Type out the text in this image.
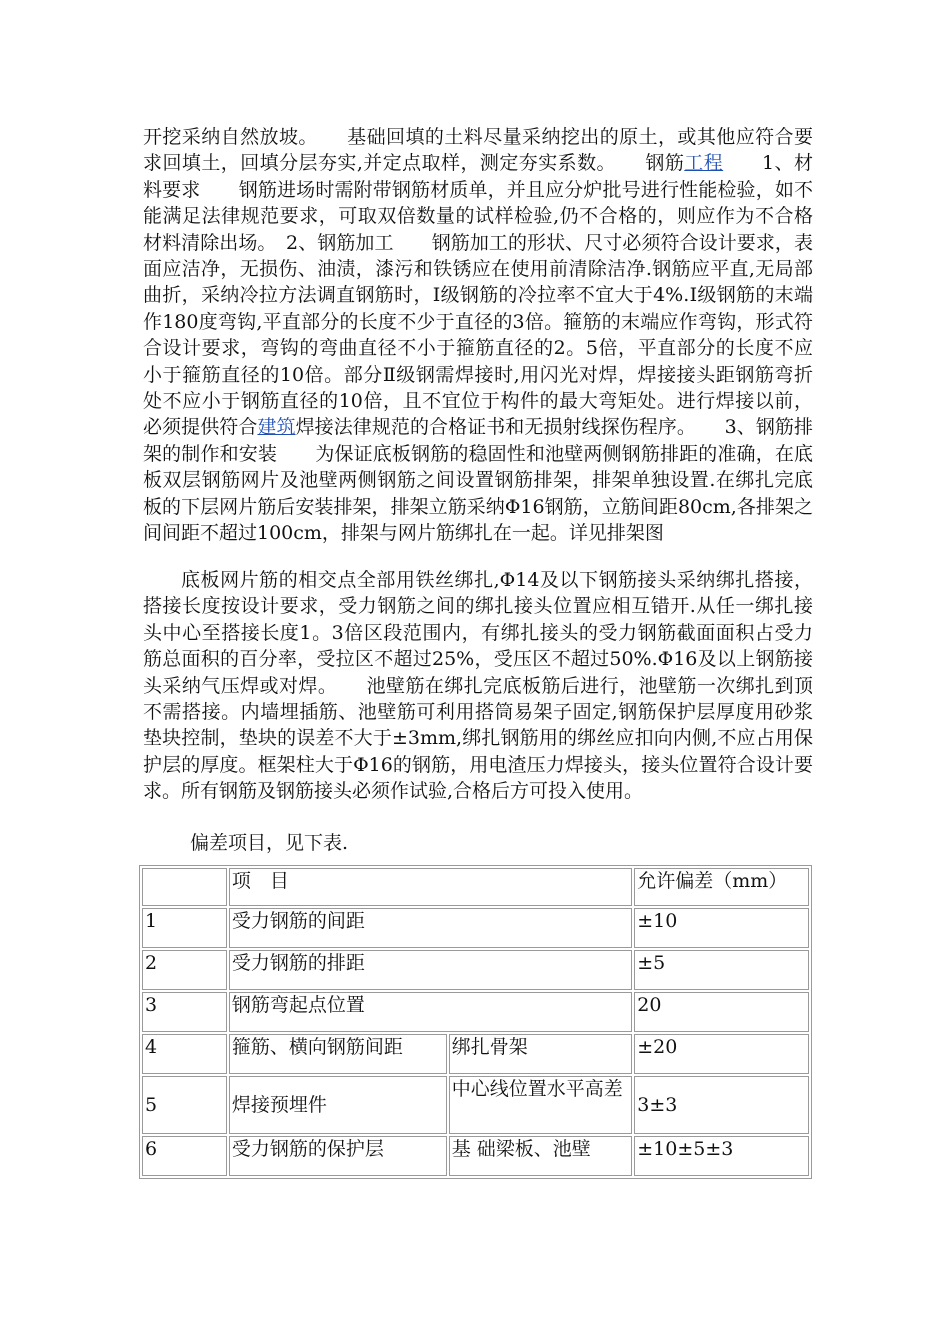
开挖采纳自然放坡。　　基础回填的土料尽量采纳挖出的原土，或其他应符合要求回填土，回填分层夯实,并定点取样，测定夯实系数。　　钢筋工程　　1、材料要求　　钢筋进场时需附带钢筋材质单，并且应分炉批号进行性能检验，如不能满足法律规范要求，可取双倍数量的试样检验,仍不合格的，则应作为不合格材料清除出场。　2、钢筋加工　　钢筋加工的形状、尺寸必须符合设计要求，表面应洁净，无损伤、油渍，漆污和铁锈应在使用前清除洁净.钢筋应平直,无局部曲折，采纳冷拉方法调直钢筋时，Ⅰ级钢筋的冷拉率不宜大于4%.Ⅰ级钢筋的末端作180度弯钩,平直部分的长度不少于直径的3倍。箍筋的末端应作弯钩，形式符合设计要求，弯钩的弯曲直径不小于箍筋直径的2。5倍，平直部分的长度不应小于箍筋直径的10倍。部分Ⅱ级钢需焊接时,用闪光对焊，焊接接头距钢筋弯折处不应小于钢筋直径的10倍，且不宜位于构件的最大弯矩处。进行焊接以前，必须提供符合建筑焊接法律规范的合格证书和无损射线探伤程序。　　3、钢筋排架的制作和安装　　为保证底板钢筋的稳固性和池壁两侧钢筋排距的准确，在底板双层钢筋网片及池壁两侧钢筋之间设置钢筋排架，排架单独设置.在绑扎完底板的下层网片筋后安装排架，排架立筋采纳Φ16钢筋，立筋间距80cm,各排架之间间距不超过100cm，排架与网片筋绑扎在一起。详见排架图

底板网片筋的相交点全部用铁丝绑扎,Φ14及以下钢筋接头采纳绑扎搭接，搭接长度按设计要求，受力钢筋之间的绑扎接头位置应相互错开.从任一绑扎接头中心至搭接长度1。3倍区段范围内，有绑扎接头的受力钢筋截面面积占受力筋总面积的百分率，受拉区不超过25%，受压区不超过50%.Φ16及以上钢筋接头采纳气压焊或对焊。　　池壁筋在绑扎完底板筋后进行，池壁筋一次绑扎到顶不需搭接。内墙埋插筋、池壁筋可利用搭筒易架子固定,钢筋保护层厚度用砂浆垫块控制，垫块的误差不大于±3mm,绑扎钢筋用的绑丝应扣向内侧,不应占用保护层的厚度。框架柱大于Φ16的钢筋，用电渣压力焊接头，接头位置符合设计要求。所有钢筋及钢筋接头必须作试验,合格后方可投入使用。

偏差项目，见下表.

	项　目		允许偏差（mm）
1	受力钢筋的间距		±10
2	受力钢筋的排距		±5
3	钢筋弯起点位置		20
4	箍筋、横向钢筋间距	绑扎骨架	±20
5	焊接预埋件	中心线位置水平高差	3±3
6	受力钢筋的保护层	基 础梁板、池壁	±10±5±3
